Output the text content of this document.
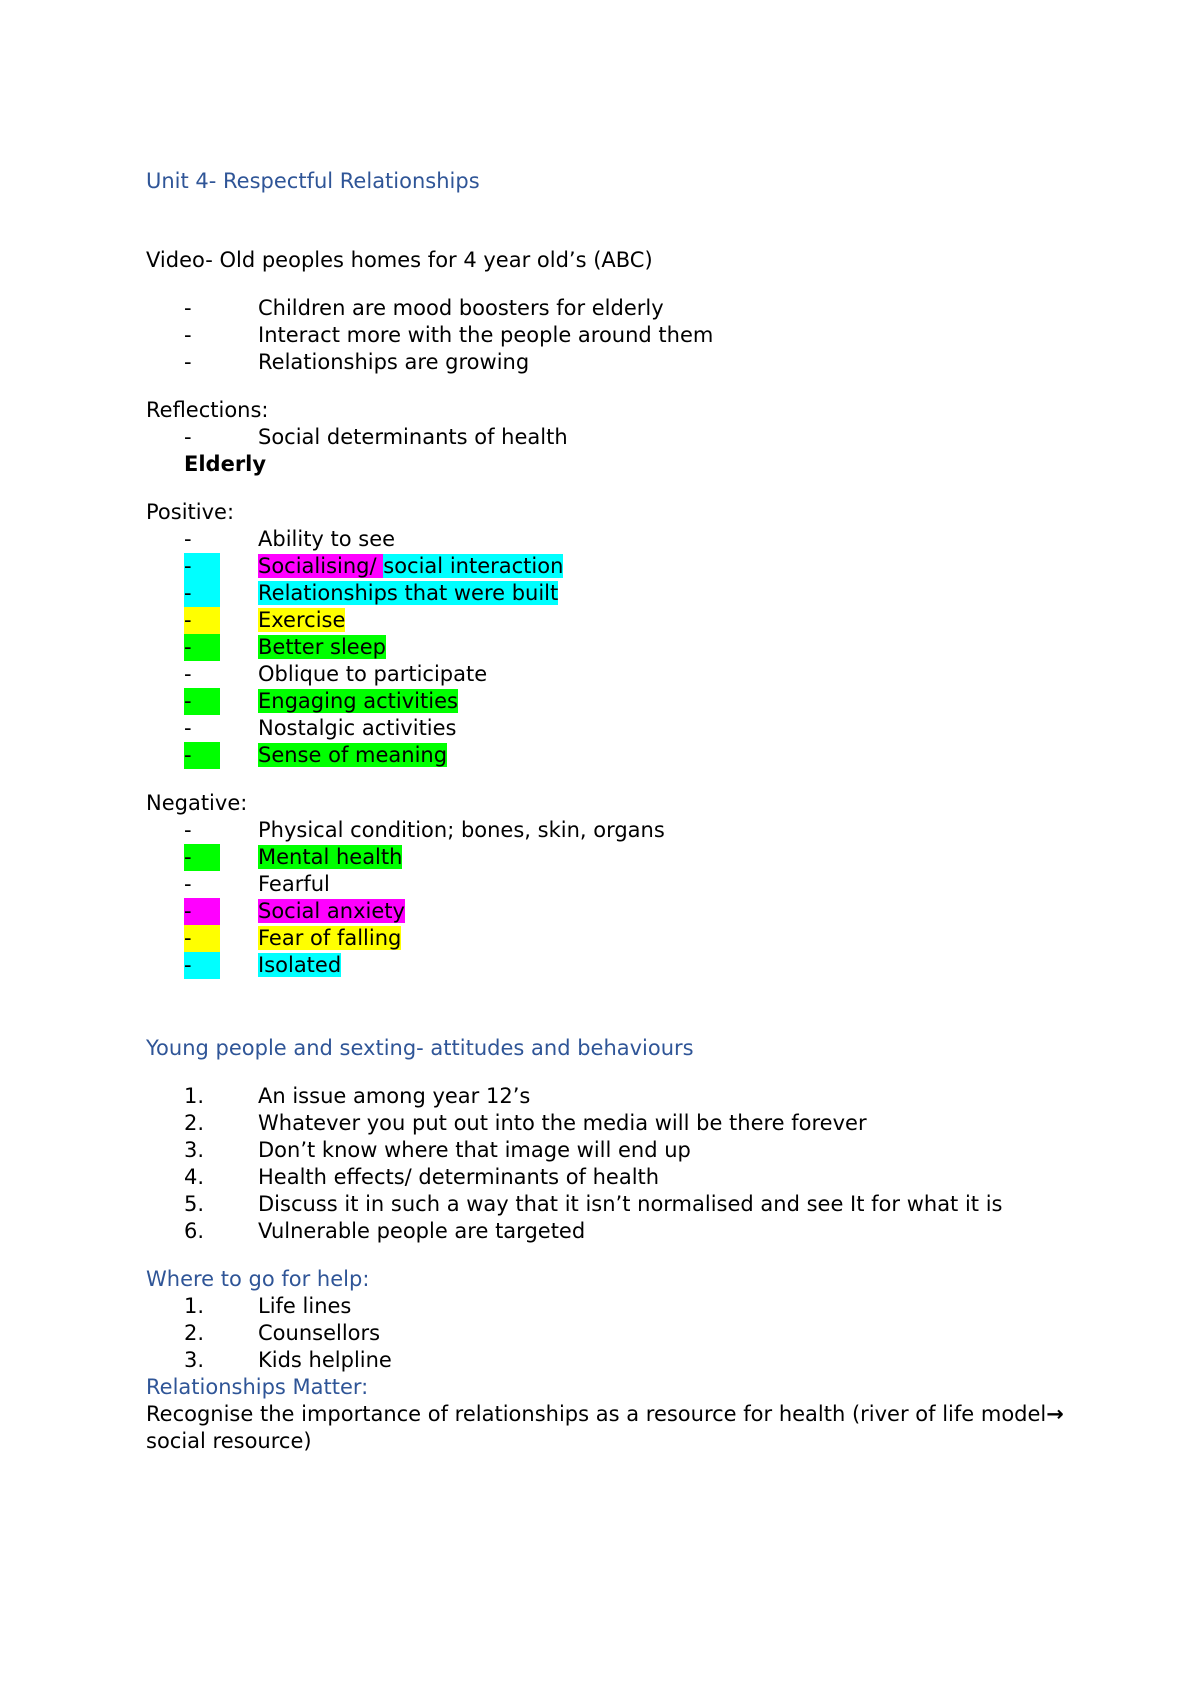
Unit 4- Respectful Relationships

Video- Old peoples homes for 4 year old’s (ABC)

-	Children are mood boosters for elderly
-	Interact more with the people around them
-	Relationships are growing

Reflections:

-	Social determinants of health

Elderly

Positive:

-	Ability to see
-	Socialising/ social interaction
-	Relationships that were built
-	Exercise
-	Better sleep
-	Oblique to participate
-	Engaging activities
-	Nostalgic activities
-	Sense of meaning

Negative:

-	Physical condition; bones, skin, organs
-	Mental health
-	Fearful
-	Social anxiety
-	Fear of falling
-	Isolated
Young people and sexting- attitudes and behaviours
1.	An issue among year 12’s
2.	Whatever you put out into the media will be there forever
3.	Don’t know where that image will end up
4.	Health effects/ determinants of health
5.	Discuss it in such a way that it isn’t normalised and see It for what it is
6.	Vulnerable people are targeted
Where to go for help:
1.	Life lines
2.	Counsellors
3.	Kids helpline
Relationships Matter:

Recognise the importance of relationships as a resource for health (river of life model→ social resource)
